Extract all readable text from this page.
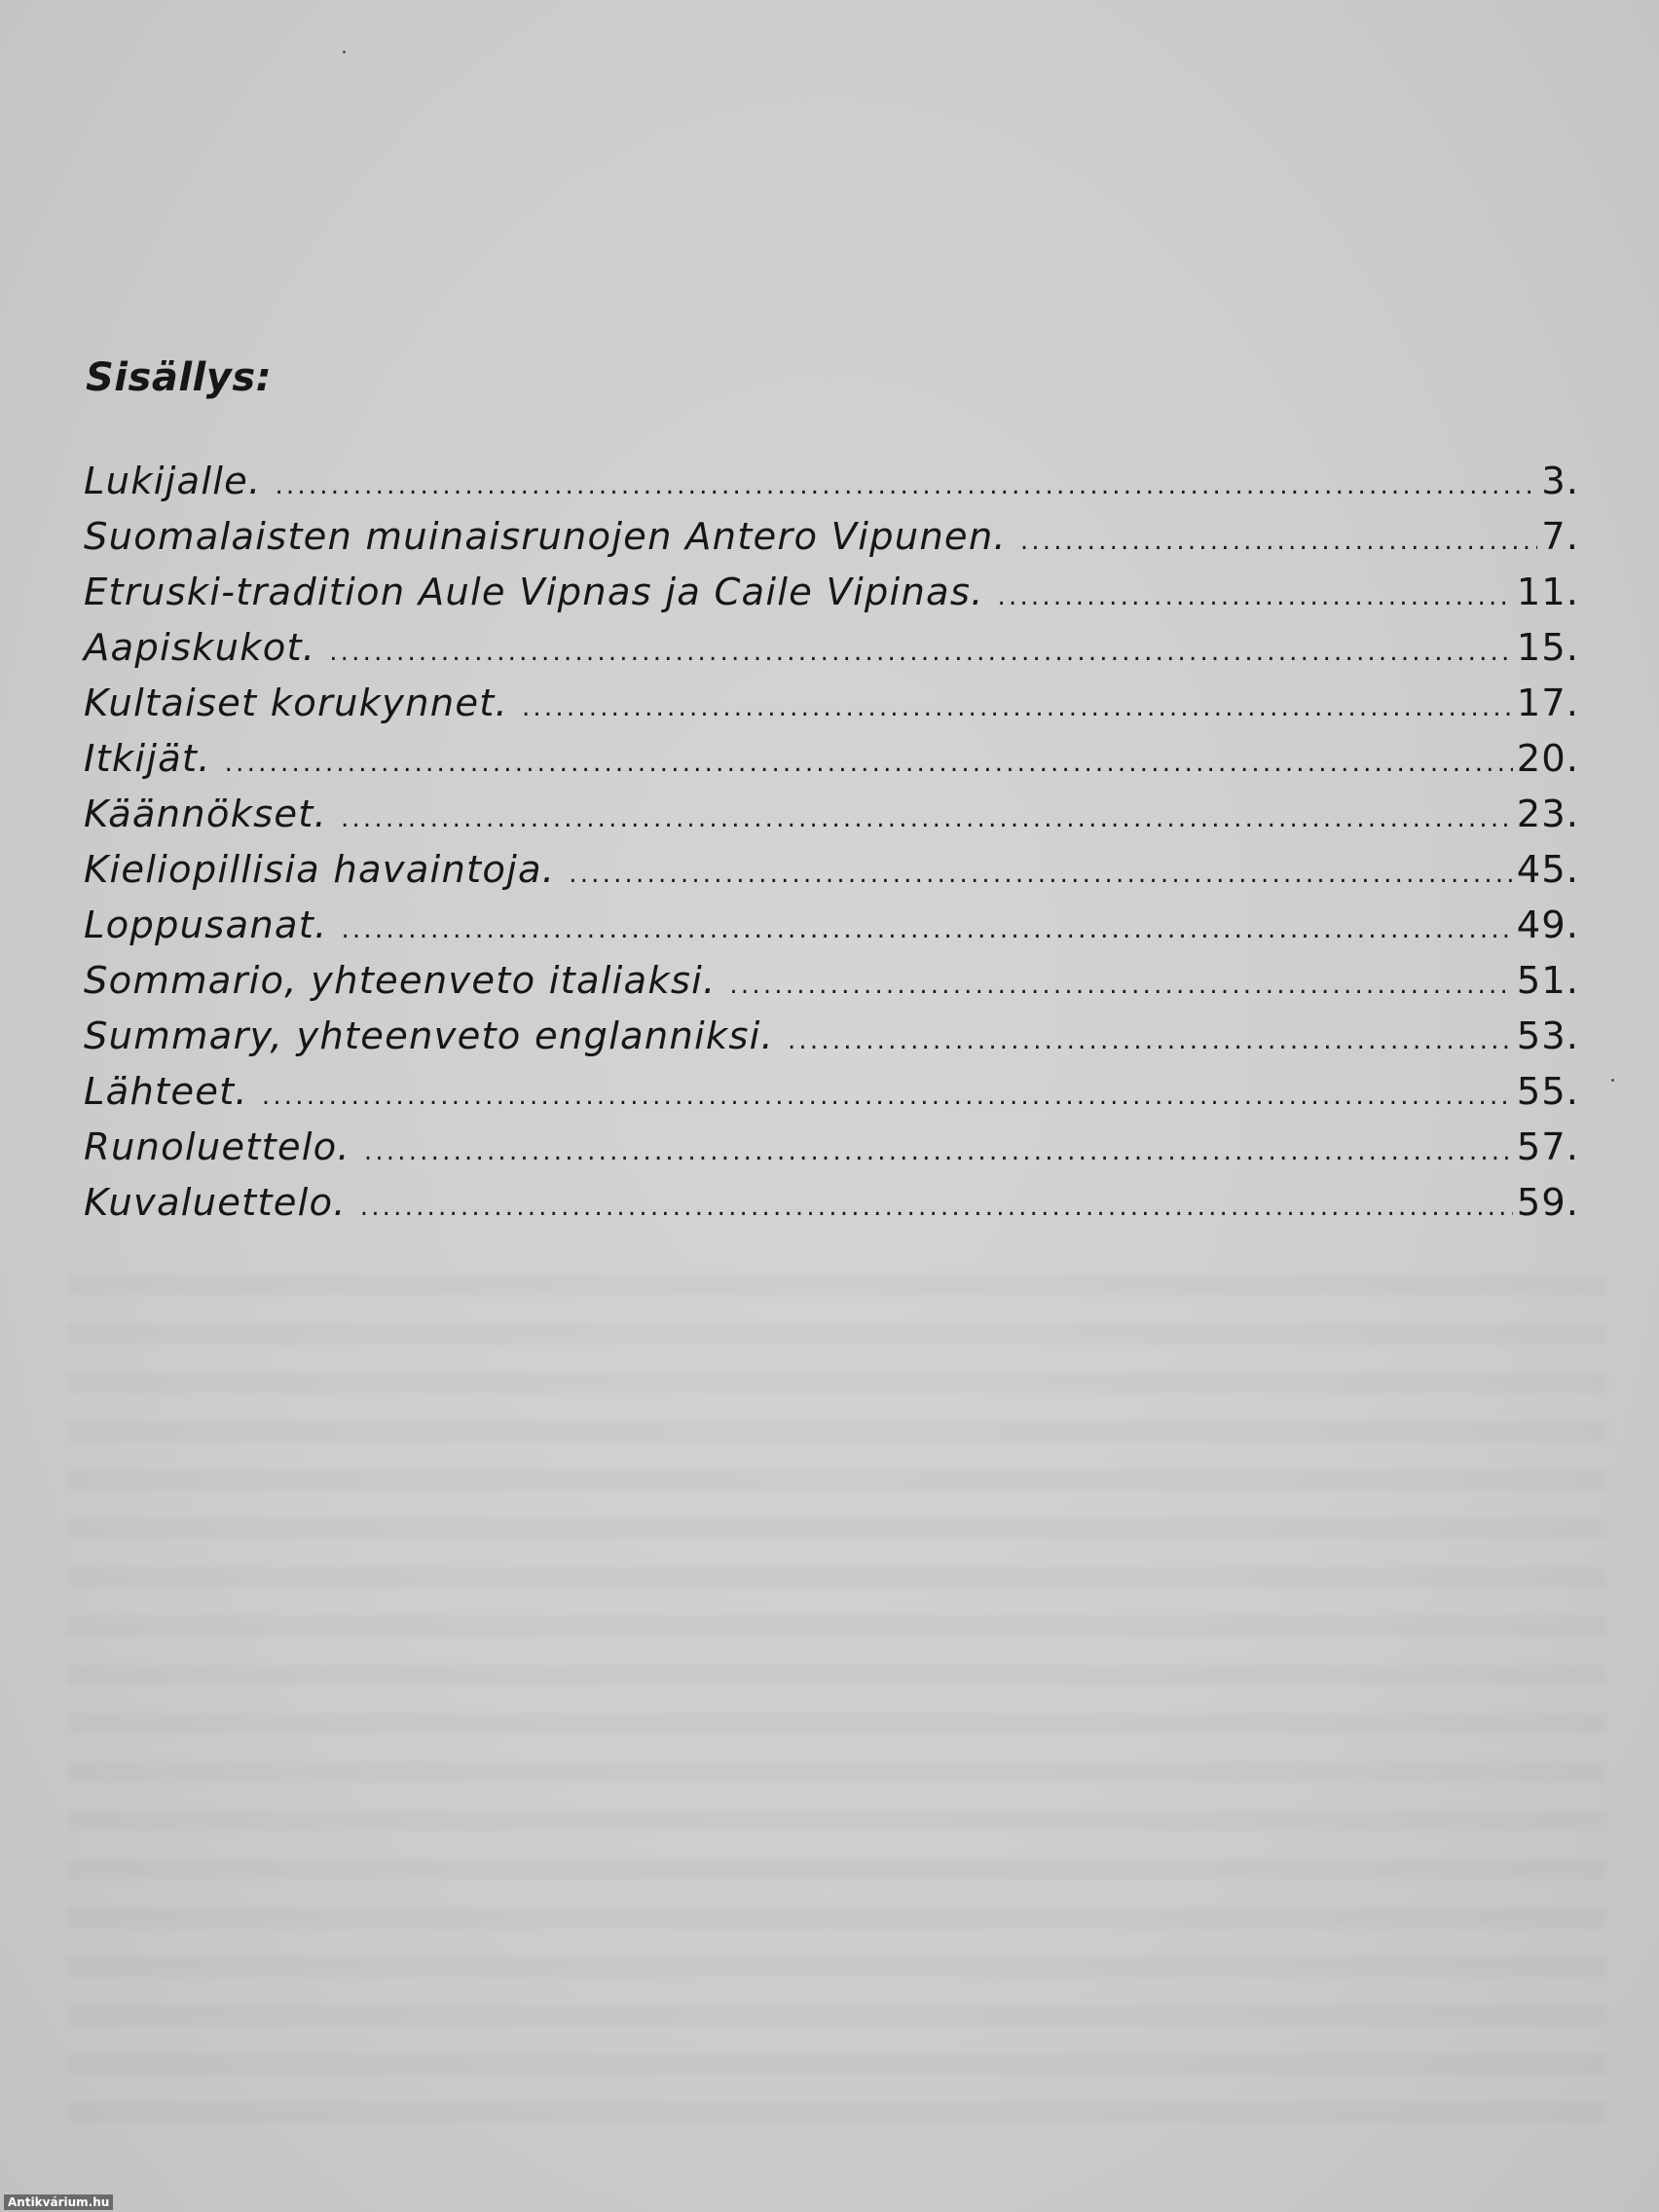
Sisällys:
Lukijalle. .....	3.
Suomalaisten muinaisrunojen Antero Vipunen. .....	7.
Etruski-tradition Aule Vipnas ja Caile Vipinas. .....	11.
Aapiskukot. .....	15.
Kultaiset korukynnet. .....	17.
Itkijät. .....	20.
Käännökset. .....	23.
Kieliopillisia havaintoja. .....	45.
Loppusanat. .....	49.
Sommario, yhteenveto italiaksi. .....	51.
Summary, yhteenveto englanniksi. .....	53.
Lähteet. .....	55.
Runoluettelo. .....	57.
Kuvaluettelo. .....	59.
Antikvárium.hu
